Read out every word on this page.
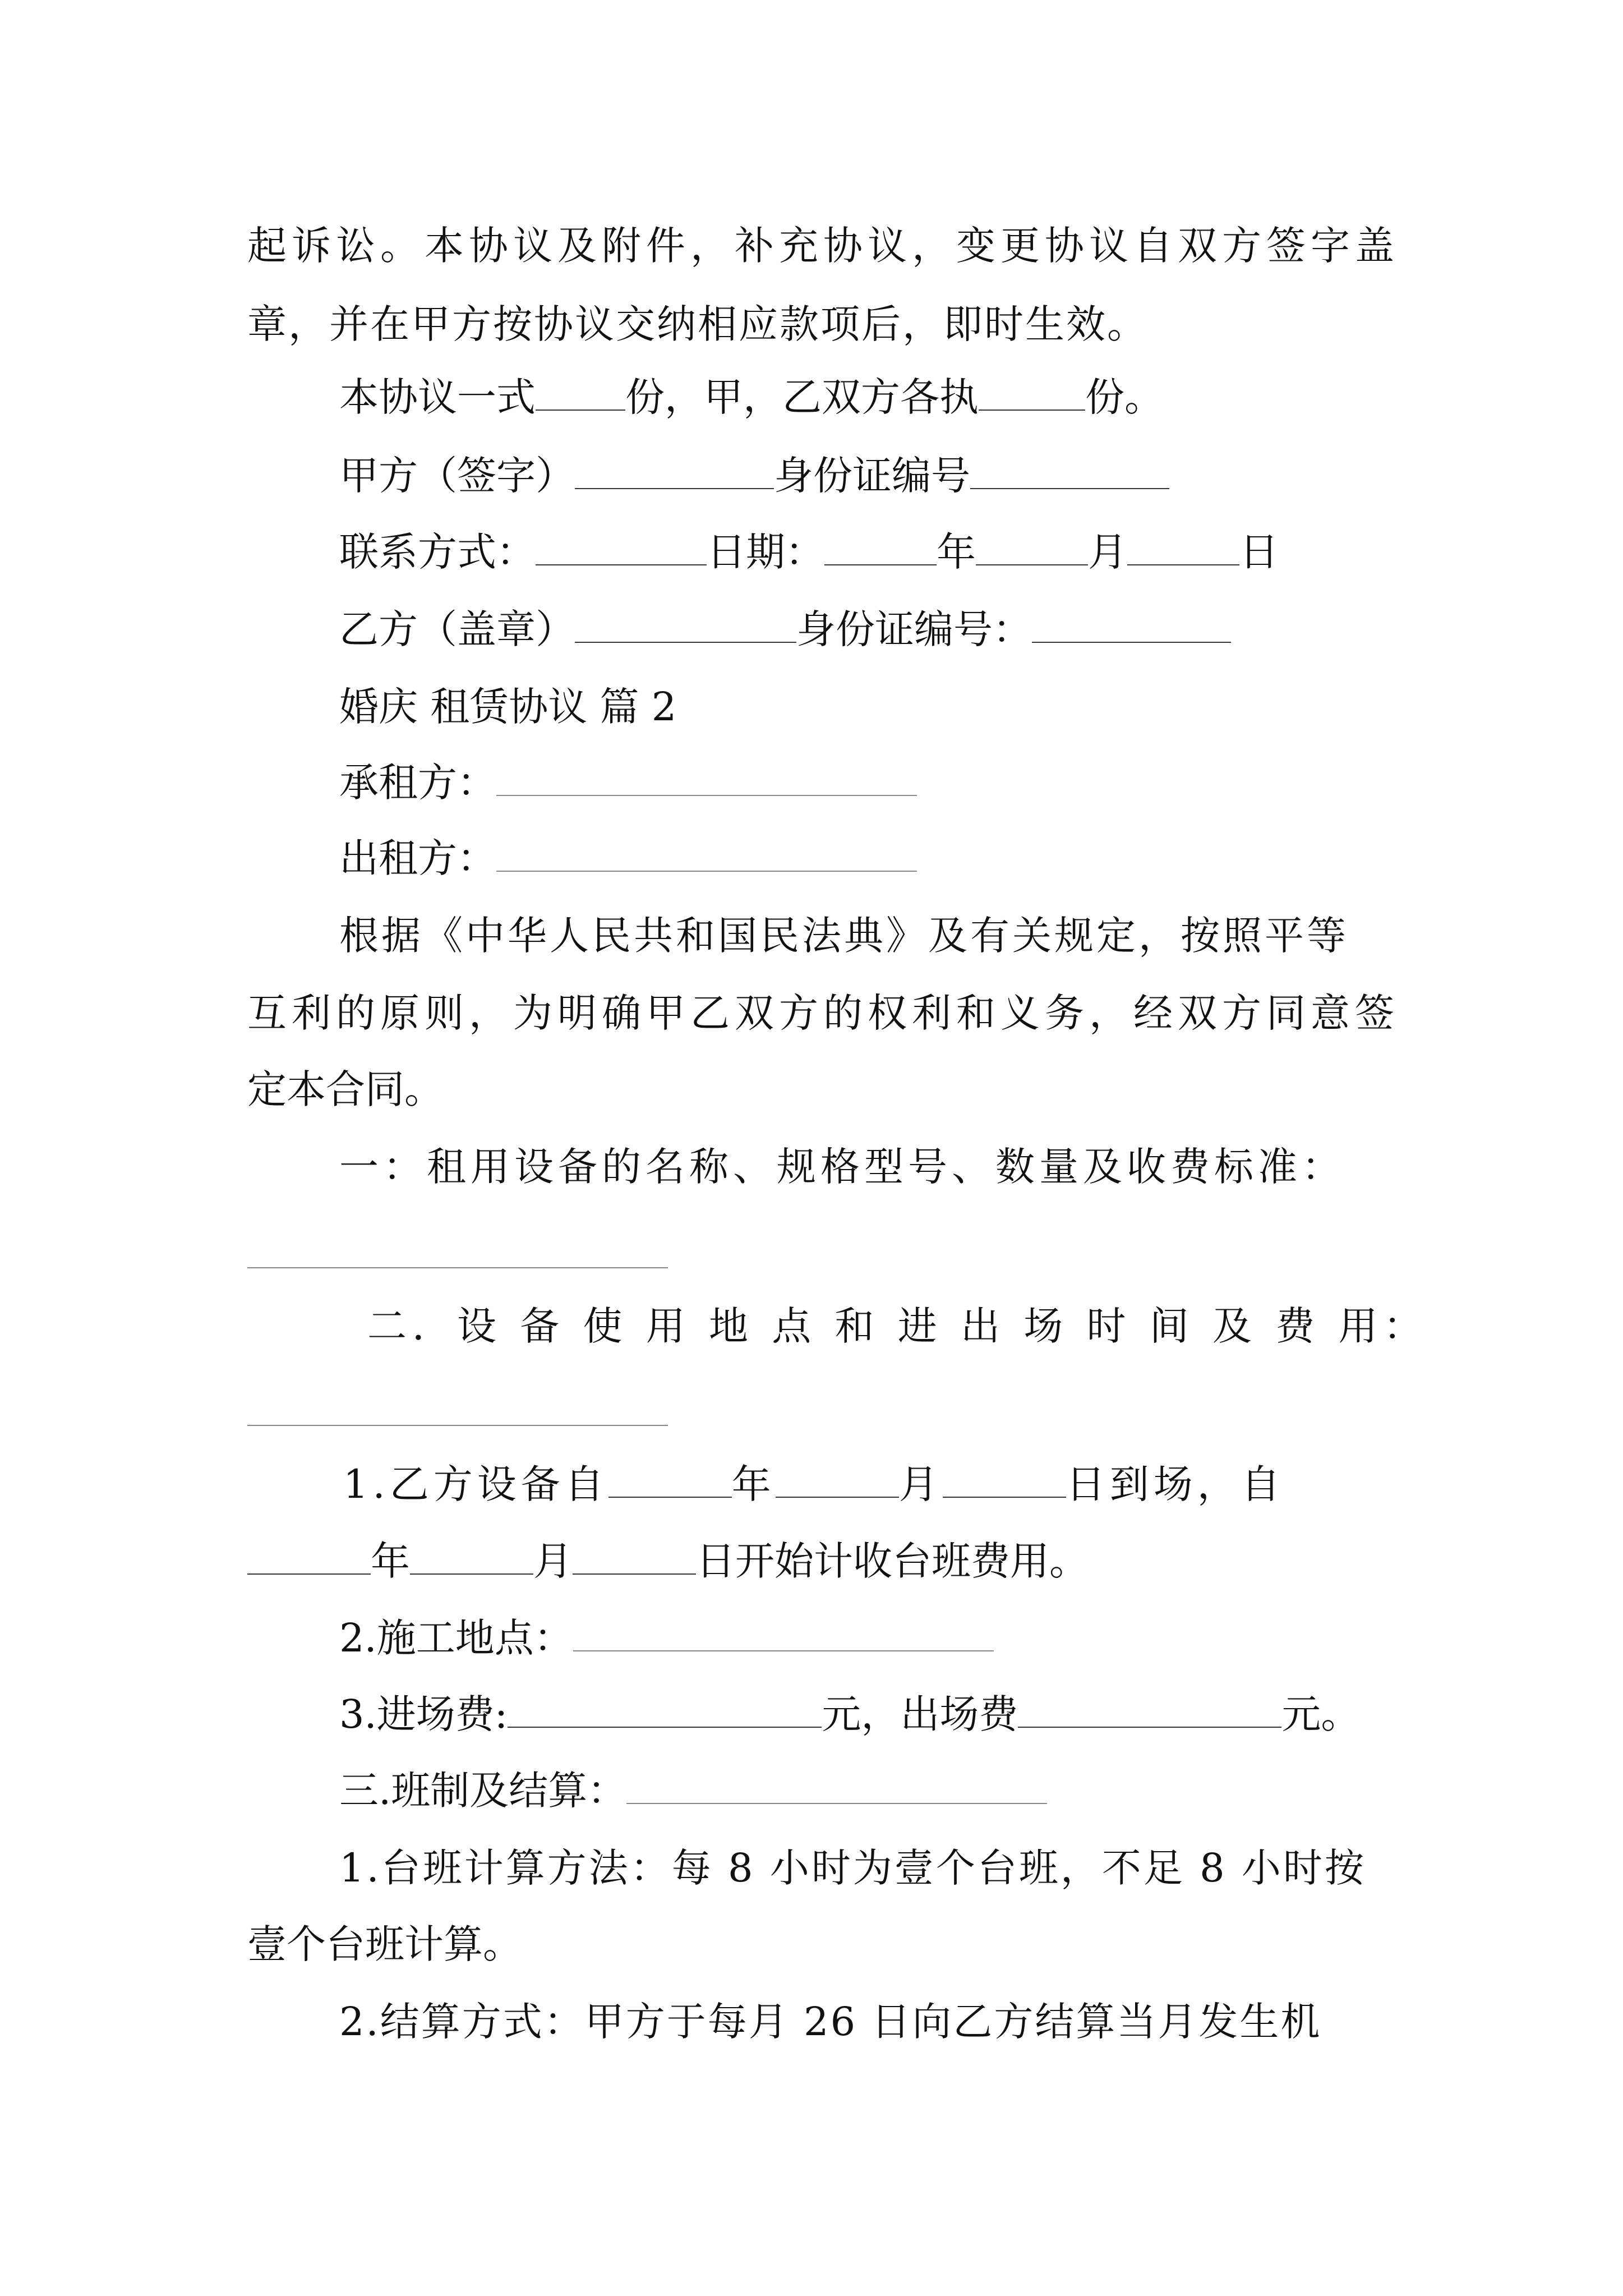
起诉讼。本协议及附件，补充协议，变更协议自双方签字盖
章，并在甲方按协议交纳相应款项后，即时生效。
本协议一式 份，甲，乙双方各执	份。
甲方（签字）	身份证编号
联系方式：	日期：	年	月	日
乙方（盖章）	身份证编号：
婚庆 租赁协议 篇 2
承租方：
出租方：
根据《中华人民共和国民法典》及有关规定，按照平等
互利的原则，为明确甲乙双方的权利和义务，经双方同意签
定本合同。
一：租用设备的名称、规格型号、数量及收费标准：
二．设 备 使 用 地 点 和 进 出 场 时 间 及 费 用：
1.乙方设备自	年	月	日到场，自
年	月	日开始计收台班费用。
2.施工地点：
3.进场费:	元，出场费	元。
三.班制及结算：
1.台班计算方法：每 8 小时为壹个台班，不足 8 小时按
壹个台班计算。
2.结算方式：甲方于每月 26 日向乙方结算当月发生机
